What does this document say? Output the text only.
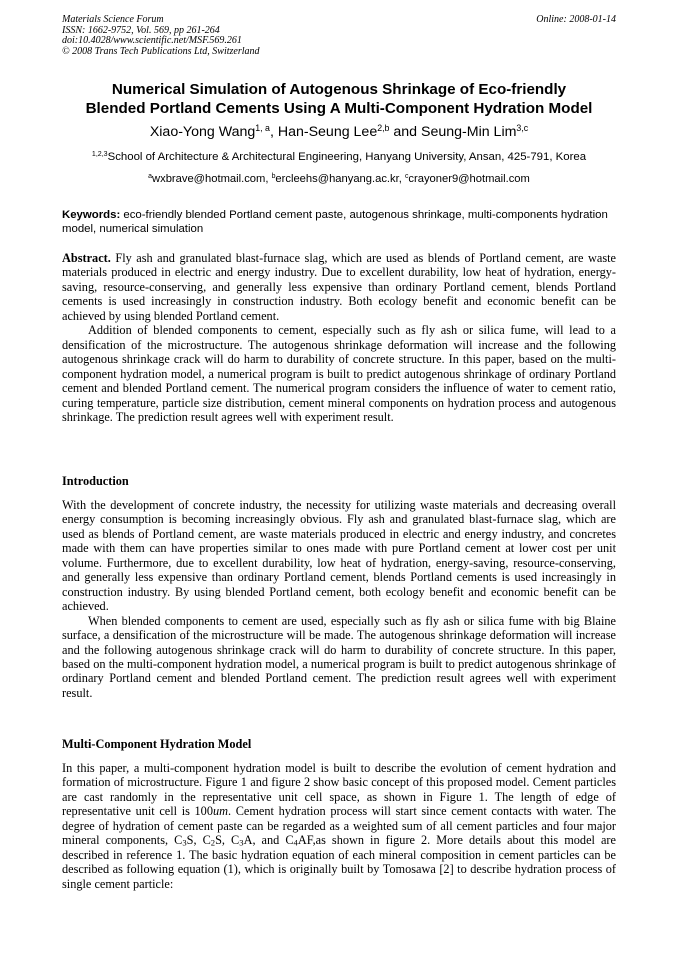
Materials Science Forum
ISSN: 1662-9752, Vol. 569, pp 261-264
doi:10.4028/www.scientific.net/MSF.569.261
© 2008 Trans Tech Publications Ltd, Switzerland
Online: 2008-01-14
Numerical Simulation of Autogenous Shrinkage of Eco-friendly
Blended Portland Cements Using A Multi-Component Hydration Model
Xiao-Yong Wang$^{1, a}$, Han-Seung Lee$^{2,b}$ and Seung-Min Lim$^{3,c}$
$^{1,2,3}$School of Architecture & Architectural Engineering, Hanyang University, Ansan, 425-791, Korea
$^a$wxbrave@hotmail.com, $^b$ercleehs@hanyang.ac.kr, $^c$crayoner9@hotmail.com
Keywords: eco-friendly blended Portland cement paste, autogenous shrinkage, multi-components hydration model, numerical simulation

Abstract. Fly ash and granulated blast-furnace slag, which are used as blends of Portland cement, are waste materials produced in electric and energy industry. Due to excellent durability, low heat of hydration, energy-saving, resource-conserving, and generally less expensive than ordinary Portland cement, blends Portland cements is used increasingly in construction industry. Both ecology benefit and economic benefit can be achieved by using blended Portland cement.

Addition of blended components to cement, especially such as fly ash or silica fume, will lead to a densification of the microstructure. The autogenous shrinkage deformation will increase and the following autogenous shrinkage crack will do harm to durability of concrete structure. In this paper, based on the multi-component hydration model, a numerical program is built to predict autogenous shrinkage of ordinary Portland cement and blended Portland cement. The numerical program considers the influence of water to cement ratio, curing temperature, particle size distribution, cement mineral components on hydration process and autogenous shrinkage. The prediction result agrees well with experiment result.

Introduction

With the development of concrete industry, the necessity for utilizing waste materials and decreasing overall energy consumption is becoming increasingly obvious. Fly ash and granulated blast-furnace slag, which are used as blends of Portland cement, are waste materials produced in electric and energy industry, and concretes made with them can have properties similar to ones made with pure Portland cement at lower cost per unit volume. Furthermore, due to excellent durability, low heat of hydration, energy-saving, resource-conserving, and generally less expensive than ordinary Portland cement, blends Portland cements is used increasingly in construction industry. By using blended Portland cement, both ecology benefit and economic benefit can be achieved.

When blended components to cement are used, especially such as fly ash or silica fume with big Blaine surface, a densification of the microstructure will be made. The autogenous shrinkage deformation will increase and the following autogenous shrinkage crack will do harm to durability of concrete structure. In this paper, based on the multi-component hydration model, a numerical program is built to predict autogenous shrinkage of ordinary Portland cement and blended Portland cement. The prediction result agrees well with experiment result.

Multi-Component Hydration Model

In this paper, a multi-component hydration model is built to describe the evolution of cement hydration and formation of microstructure. Figure 1 and figure 2 show basic concept of this proposed model. Cement particles are cast randomly in the representative unit cell space, as shown in Figure 1. The length of edge of representative unit cell is 100um. Cement hydration process will start since cement contacts with water. The degree of hydration of cement paste can be regarded as a weighted sum of all cement particles and four major mineral components, $C_3S$, $C_2S$, $C_3A$, and $C_4AF,as$ shown in figure 2. More details about this model are described in reference 1. The basic hydration equation of each mineral composition in cement particles can be described as following equation (1), which is originally built by Tomosawa [2] to describe hydration process of single cement particle:
